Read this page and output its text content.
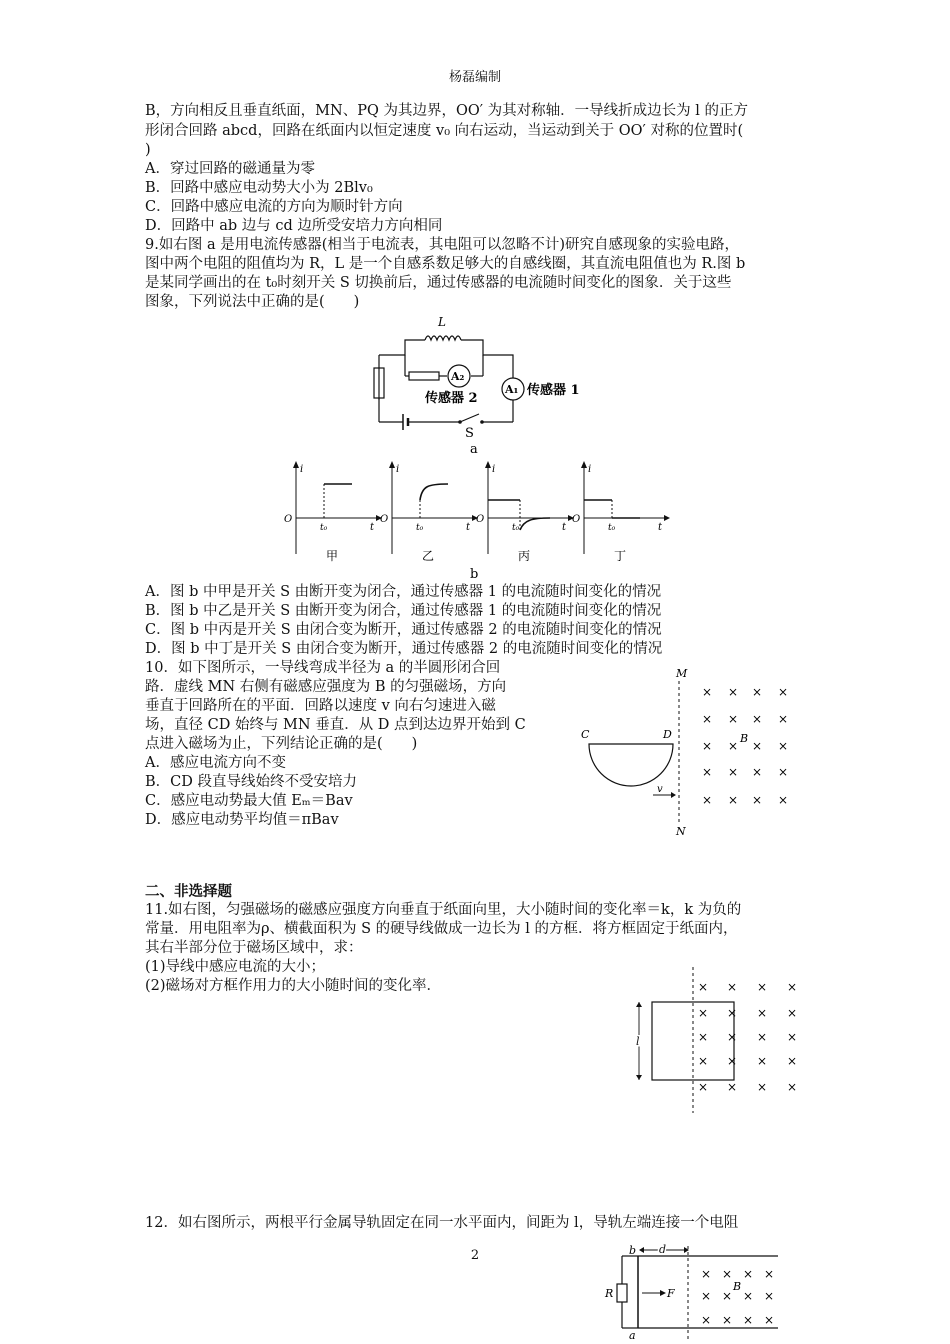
杨磊编制
B，方向相反且垂直纸面，MN、PQ 为其边界，OO′ 为其对称轴．一导线折成边长为 l 的正方
形闭合回路 abcd，回路在纸面内以恒定速度 v₀ 向右运动，当运动到关于 OO′ 对称的位置时(
)
A．穿过回路的磁通量为零
B．回路中感应电动势大小为 2Blv₀
C．回路中感应电流的方向为顺时针方向
D．回路中 ab 边与 cd 边所受安培力方向相同
9.如右图 a 是用电流传感器(相当于电流表，其电阻可以忽略不计)研究自感现象的实验电路，
图中两个电阻的阻值均为 R，L 是一个自感系数足够大的自感线圈，其直流电阻值也为 R.图 b
是某同学画出的在 t₀时刻开关 S 切换前后，通过传感器的电流随时间变化的图象．关于这些
图象，下列说法中正确的是(　　)
L
A₂
传感器 2
A₁ 传感器 1
S
a
b
i
t
O
t₀
甲
i
t
O
t₀
乙
i
t
O
t₀
丙
i
t
O
t₀
丁
A．图 b 中甲是开关 S 由断开变为闭合，通过传感器 1 的电流随时间变化的情况
B．图 b 中乙是开关 S 由断开变为闭合，通过传感器 1 的电流随时间变化的情况
C．图 b 中丙是开关 S 由闭合变为断开，通过传感器 2 的电流随时间变化的情况
D．图 b 中丁是开关 S 由闭合变为断开，通过传感器 2 的电流随时间变化的情况
10．如下图所示，一导线弯成半径为 a 的半圆形闭合回
路．虚线 MN 右侧有磁感应强度为 B 的匀强磁场，方向
垂直于回路所在的平面．回路以速度 v 向右匀速进入磁
场，直径 CD 始终与 MN 垂直．从 D 点到达边界开始到 C
点进入磁场为止，下列结论正确的是(　　)
A．感应电流方向不变
B．CD 段直导线始终不受安培力
C．感应电动势最大值 Eₘ＝Bav
D．感应电动势平均值＝πBav
M
N
C	D
v
B
× × × ×
× × × ×
× × × ×
× × × ×
× × × ×
二、非选择题
11.如右图，匀强磁场的磁感应强度方向垂直于纸面向里，大小随时间的变化率＝k，k 为负的
常量．用电阻率为ρ、横截面积为 S 的硬导线做成一边长为 l 的方框．将方框固定于纸面内，
其右半部分位于磁场区域中，求：
(1)导线中感应电流的大小；
(2)磁场对方框作用力的大小随时间的变化率．
l
× × × ×
× × × ×
× × × ×
× × × ×
× × × ×
12．如右图所示，两根平行金属导轨固定在同一水平面内，间距为 l，导轨左端连接一个电阻
R
d
b
a
F
B
× × × ×
× × × ×
× × × ×
2
